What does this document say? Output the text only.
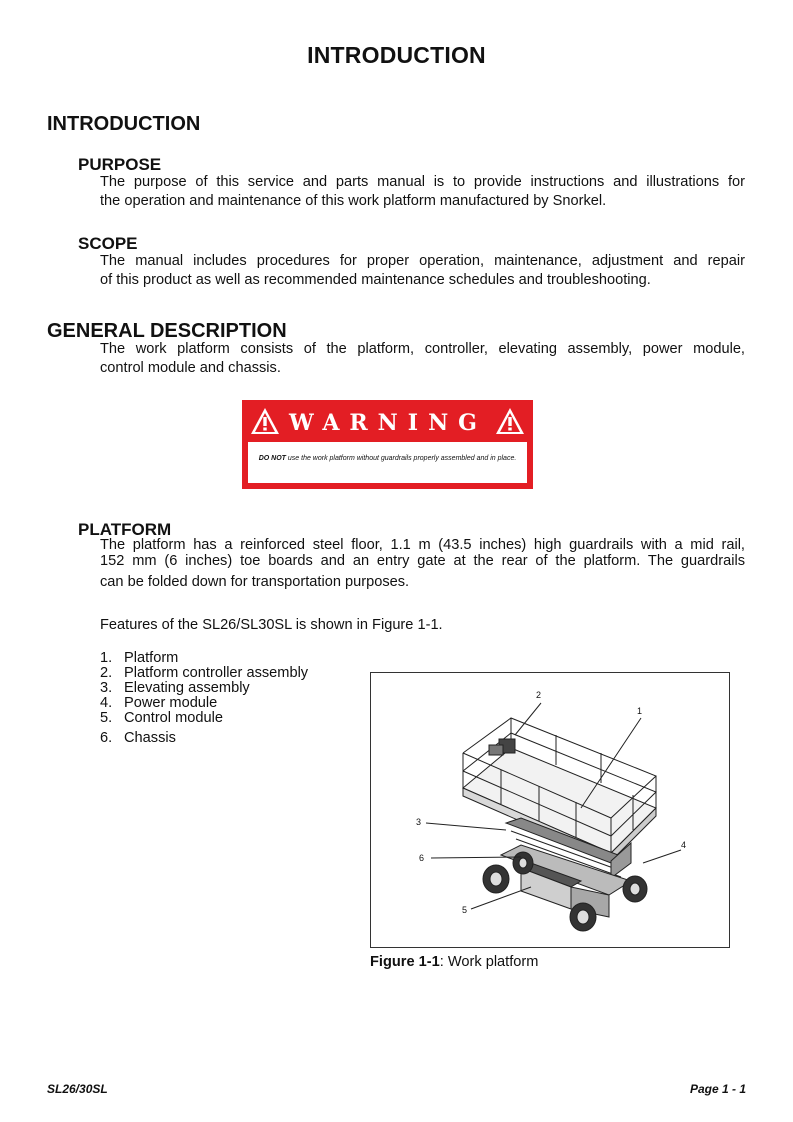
INTRODUCTION
INTRODUCTION
PURPOSE
The purpose of this service and parts manual is to provide instructions and illustrations for
the operation and maintenance of this work platform manufactured by Snorkel.
SCOPE
The manual includes procedures for proper operation, maintenance, adjustment and repair
of this product as well as recommended maintenance schedules and troubleshooting.
GENERAL DESCRIPTION
The work platform consists of the platform, controller, elevating assembly, power module,
control module and chassis.
WARNING
DO NOT use the work platform without guardrails properly assembled and in place.
PLATFORM
The platform has a reinforced steel floor, 1.1 m (43.5 inches) high guardrails with a mid rail,
152 mm (6 inches) toe boards and an entry gate at the rear of the platform. The guardrails
can be folded down for transportation purposes.
Features of the SL26/SL30SL is shown in Figure 1-1.
1. Platform
2. Platform controller assembly
3. Elevating assembly
4. Power module
5. Control module
6. Chassis
1
2
3
4
5
6
Figure 1-1: Work platform
SL26/30SL	Page 1 - 1
